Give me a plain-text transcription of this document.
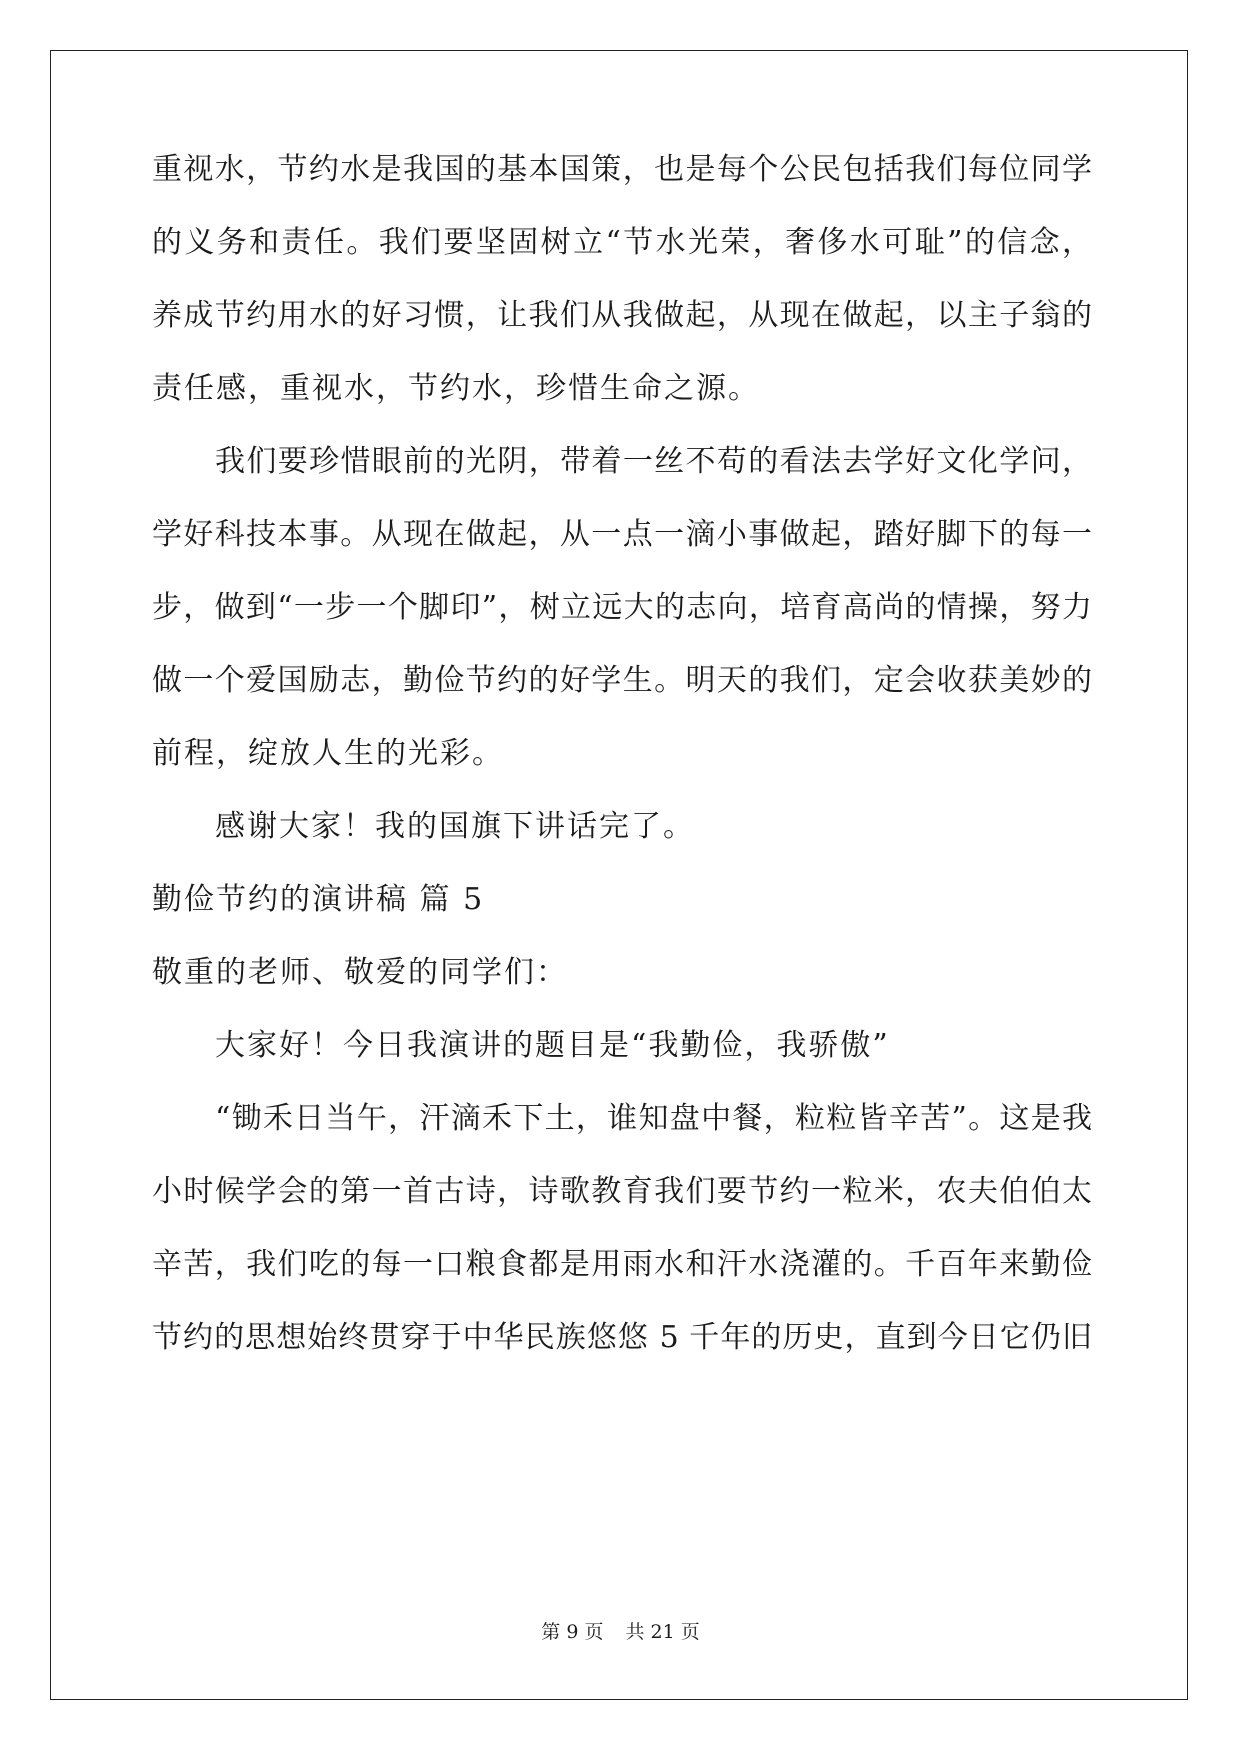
重视水，节约水是我国的基本国策，也是每个公民包括我们每位同学
的义务和责任。我们要坚固树立“节水光荣，奢侈水可耻”的信念，
养成节约用水的好习惯，让我们从我做起，从现在做起，以主子翁的
责任感，重视水，节约水，珍惜生命之源。
我们要珍惜眼前的光阴，带着一丝不苟的看法去学好文化学问，
学好科技本事。从现在做起，从一点一滴小事做起，踏好脚下的每一
步，做到“一步一个脚印”，树立远大的志向，培育高尚的情操，努力
做一个爱国励志，勤俭节约的好学生。明天的我们，定会收获美妙的
前程，绽放人生的光彩。
感谢大家！我的国旗下讲话完了。
勤俭节约的演讲稿 篇 5
敬重的老师、敬爱的同学们：
大家好！今日我演讲的题目是“我勤俭，我骄傲”
“锄禾日当午，汗滴禾下土，谁知盘中餐，粒粒皆辛苦”。这是我
小时候学会的第一首古诗，诗歌教育我们要节约一粒米，农夫伯伯太
辛苦，我们吃的每一口粮食都是用雨水和汗水浇灌的。千百年来勤俭
节约的思想始终贯穿于中华民族悠悠 5 千年的历史，直到今日它仍旧
第 9 页 共 21 页
